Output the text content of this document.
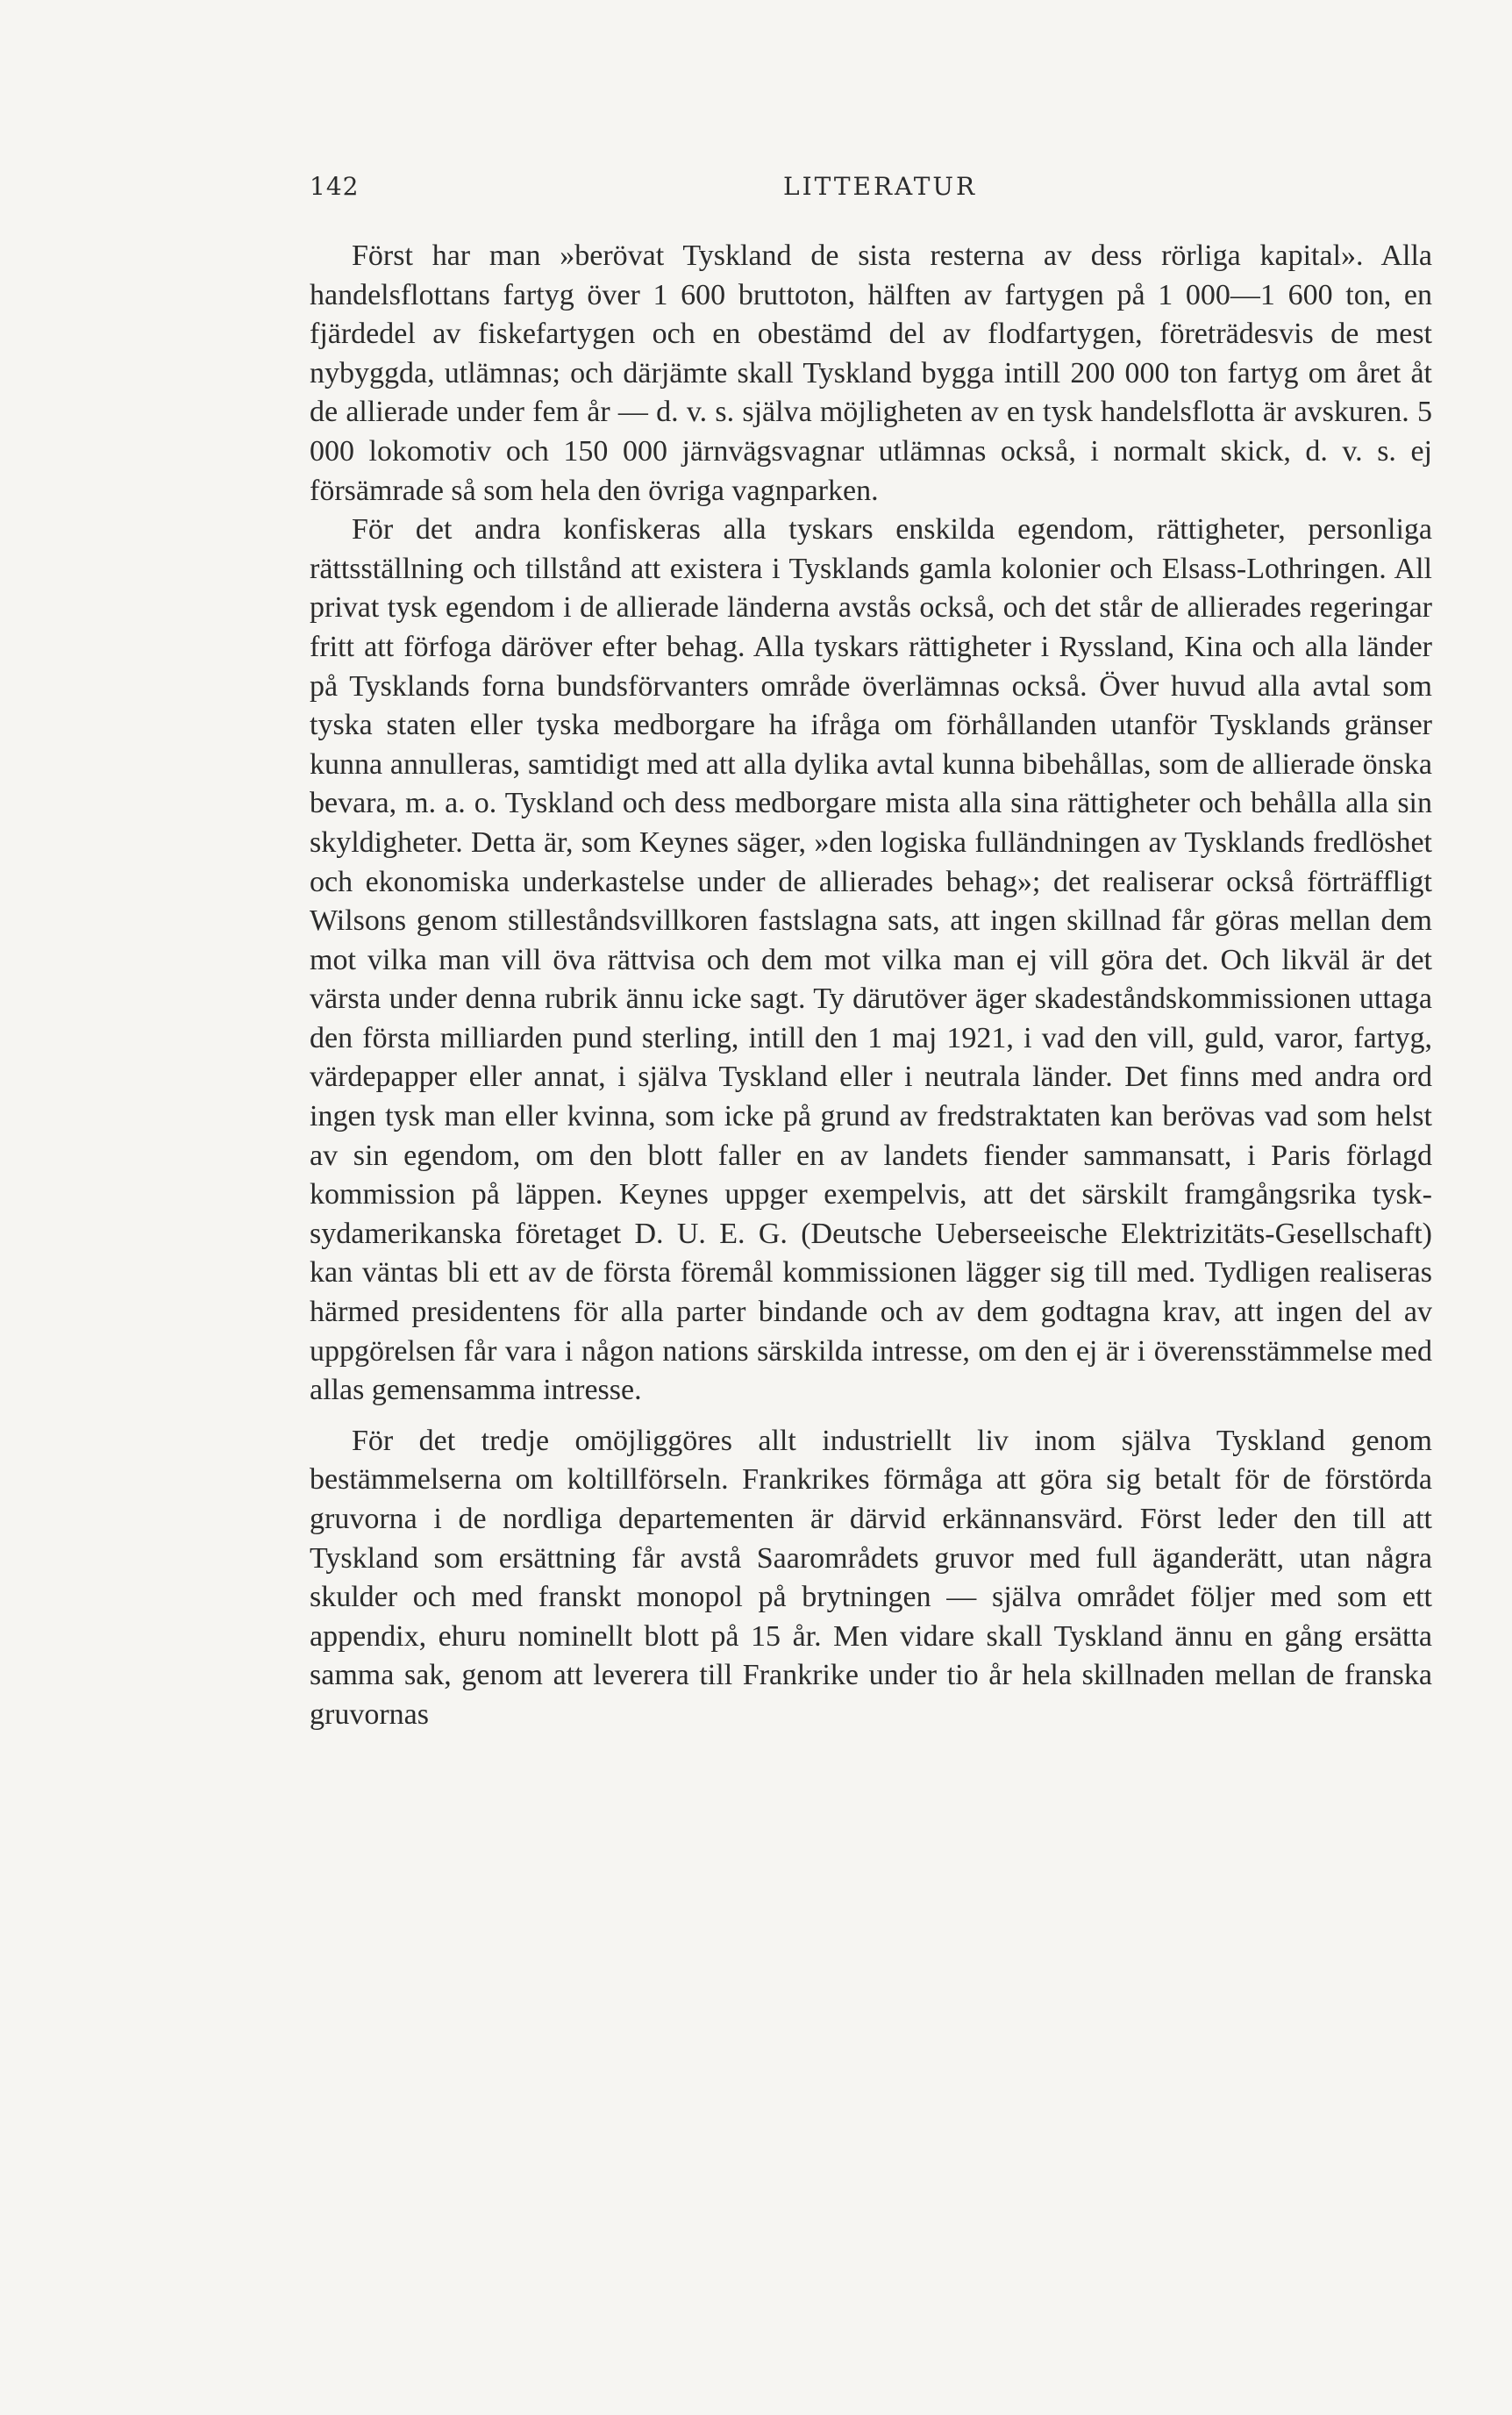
142	LITTERATUR

Först har man »berövat Tyskland de sista resterna av dess rörliga kapital». Alla handelsflottans fartyg över 1 600 bruttoton, hälften av fartygen på 1 000—1 600 ton, en fjärdedel av fiskefartygen och en obestämd del av flodfartygen, företrädesvis de mest nybyggda, utlämnas; och därjämte skall Tyskland bygga intill 200 000 ton fartyg om året åt de allierade under fem år — d. v. s. själva möjligheten av en tysk handelsflotta är avskuren. 5 000 lokomotiv och 150 000 järnvägsvagnar utlämnas också, i normalt skick, d. v. s. ej försämrade så som hela den övriga vagnparken.

För det andra konfiskeras alla tyskars enskilda egendom, rättigheter, personliga rättsställning och tillstånd att existera i Tysklands gamla kolonier och Elsass-Lothringen. All privat tysk egendom i de allierade länderna avstås också, och det står de allierades regeringar fritt att förfoga däröver efter behag. Alla tyskars rättigheter i Ryssland, Kina och alla länder på Tysklands forna bundsförvanters område överlämnas också. Över huvud alla avtal som tyska staten eller tyska medborgare ha ifråga om förhållanden utanför Tysklands gränser kunna annulleras, samtidigt med att alla dylika avtal kunna bibehållas, som de allierade önska bevara, m. a. o. Tyskland och dess medborgare mista alla sina rättigheter och behålla alla sin skyldigheter. Detta är, som Keynes säger, »den logiska fulländningen av Tysklands fredlöshet och ekonomiska underkastelse under de allierades behag»; det realiserar också förträffligt Wilsons genom stilleståndsvillkoren fastslagna sats, att ingen skillnad får göras mellan dem mot vilka man vill öva rättvisa och dem mot vilka man ej vill göra det. Och likväl är det värsta under denna rubrik ännu icke sagt. Ty därutöver äger skadeståndskommissionen uttaga den första milliarden pund sterling, intill den 1 maj 1921, i vad den vill, guld, varor, fartyg, värdepapper eller annat, i själva Tyskland eller i neutrala länder. Det finns med andra ord ingen tysk man eller kvinna, som icke på grund av fredstraktaten kan berövas vad som helst av sin egendom, om den blott faller en av landets fiender sammansatt, i Paris förlagd kommission på läppen. Keynes uppger exempelvis, att det särskilt framgångsrika tysk-sydamerikanska företaget D. U. E. G. (Deutsche Ueberseeische Elektrizitäts-Gesellschaft) kan väntas bli ett av de första föremål kommissionen lägger sig till med. Tydligen realiseras härmed presidentens för alla parter bindande och av dem godtagna krav, att ingen del av uppgörelsen får vara i någon nations särskilda intresse, om den ej är i överensstämmelse med allas gemensamma intresse.

För det tredje omöjliggöres allt industriellt liv inom själva Tyskland genom bestämmelserna om koltillförseln. Frankrikes förmåga att göra sig betalt för de förstörda gruvorna i de nordliga departementen är därvid erkännansvärd. Först leder den till att Tyskland som ersättning får avstå Saarområdets gruvor med full äganderätt, utan några skulder och med franskt monopol på brytningen — själva området följer med som ett appendix, ehuru nominellt blott på 15 år. Men vidare skall Tyskland ännu en gång ersätta samma sak, genom att leverera till Frankrike under tio år hela skillnaden mellan de franska gruvornas
